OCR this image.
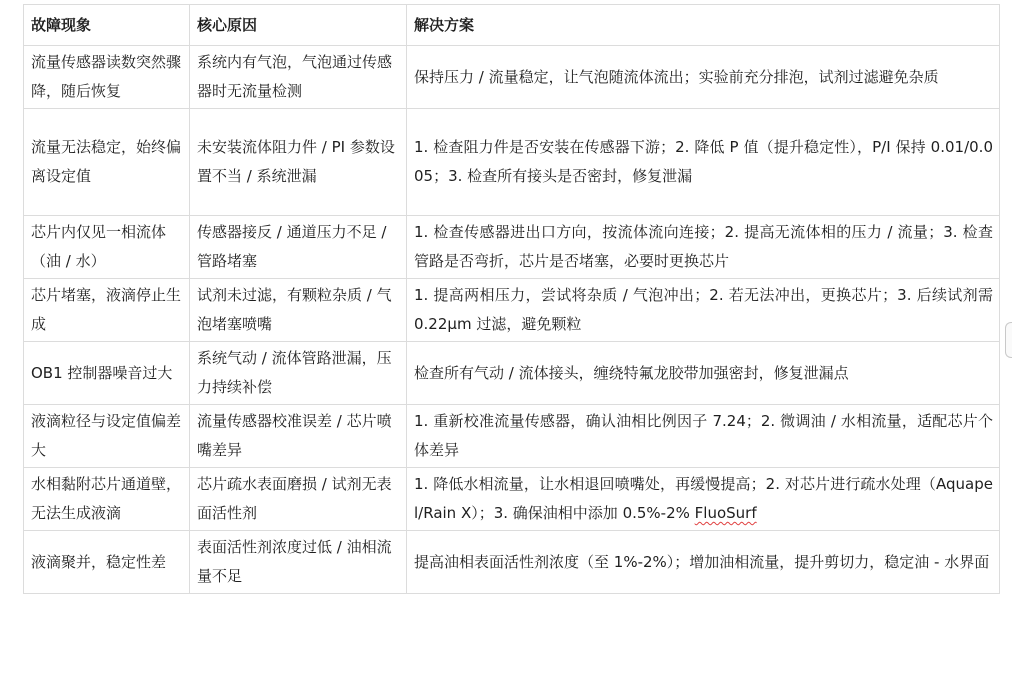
故障现象	核心原因	解决方案
流量传感器读数突然骤降，随后恢复	系统内有气泡，气泡通过传感器时无流量检测	保持压力 / 流量稳定，让气泡随流体流出；实验前充分排泡，试剂过滤避免杂质
流量无法稳定，始终偏离设定值	未安装流体阻力件 / PI 参数设置不当 / 系统泄漏	1. 检查阻力件是否安装在传感器下游；2. 降低 P 值（提升稳定性），P/I 保持 0.01/0.005；3. 检查所有接头是否密封，修复泄漏
芯片内仅见一相流体（油 / 水）	传感器接反 / 通道压力不足 / 管路堵塞	1. 检查传感器进出口方向，按流体流向连接；2. 提高无流体相的压力 / 流量；3. 检查管路是否弯折，芯片是否堵塞，必要时更换芯片
芯片堵塞，液滴停止生成	试剂未过滤，有颗粒杂质 / 气泡堵塞喷嘴	1. 提高两相压力，尝试将杂质 / 气泡冲出；2. 若无法冲出，更换芯片；3. 后续试剂需 0.22μm 过滤，避免颗粒
OB1 控制器噪音过大	系统气动 / 流体管路泄漏，压力持续补偿	检查所有气动 / 流体接头，缠绕特氟龙胶带加强密封，修复泄漏点
液滴粒径与设定值偏差大	流量传感器校准误差 / 芯片喷嘴差异	1. 重新校准流量传感器，确认油相比例因子 7.24；2. 微调油 / 水相流量，适配芯片个体差异
水相黏附芯片通道壁，无法生成液滴	芯片疏水表面磨损 / 试剂无表面活性剂	1. 降低水相流量，让水相退回喷嘴处，再缓慢提高；2. 对芯片进行疏水处理（Aquapel/Rain X）；3. 确保油相中添加 0.5%-2% FluoSurf
液滴聚并，稳定性差	表面活性剂浓度过低 / 油相流量不足	提高油相表面活性剂浓度（至 1%-2%）；增加油相流量，提升剪切力，稳定油 - 水界面
